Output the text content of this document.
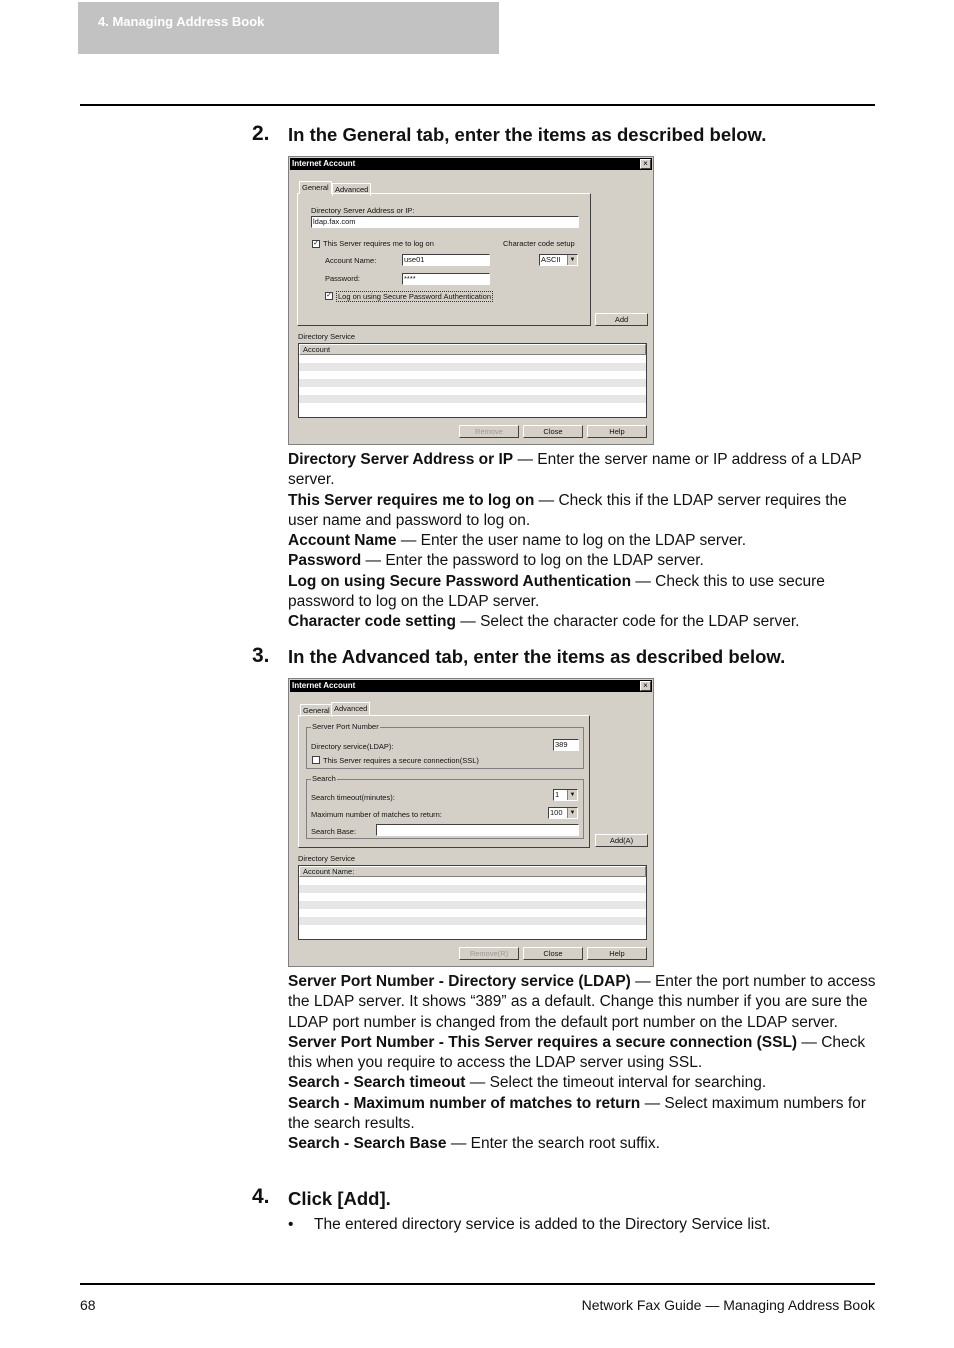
4. Managing Address Book
2. In the General tab, enter the items as described below.
Internet Account	×
General Advanced
Directory Server Address or IP:
ldap.fax.com
✓ This Server requires me to log on	Character code setup
ASCII	▼
Account Name:	use01
Password:	****
✓ Log on using Secure Password Authentication
Add
Directory Service
Account
Remove	Close	Help

Directory Server Address or IP — Enter the server name or IP address of a LDAP server.

This Server requires me to log on — Check this if the LDAP server requires the user name and password to log on.

Account Name — Enter the user name to log on the LDAP server.

Password — Enter the password to log on the LDAP server.

Log on using Secure Password Authentication — Check this to use secure password to log on the LDAP server.

Character code setting — Select the character code for the LDAP server.

3. In the Advanced tab, enter the items as described below.
Internet Account	×
General Advanced
Server Port Number
Directory service(LDAP):	389
This Server requires a secure connection(SSL)
Search
Search timeout(minutes):	1	▼
Maximum number of matches to return:	100	▼
Search Base:
Add(A)
Directory Service
Account Name:
Remove(R)	Close	Help

Server Port Number - Directory service (LDAP) — Enter the port number to access the LDAP server. It shows “389” as a default. Change this number if you are sure the LDAP port number is changed from the default port number on the LDAP server.

Server Port Number - This Server requires a secure connection (SSL) — Check this when you require to access the LDAP server using SSL.

Search - Search timeout — Select the timeout interval for searching.

Search - Maximum number of matches to return — Select maximum numbers for the search results.

Search - Search Base — Enter the search root suffix.

4. Click [Add].
• The entered directory service is added to the Directory Service list.
68	Network Fax Guide — Managing Address Book
